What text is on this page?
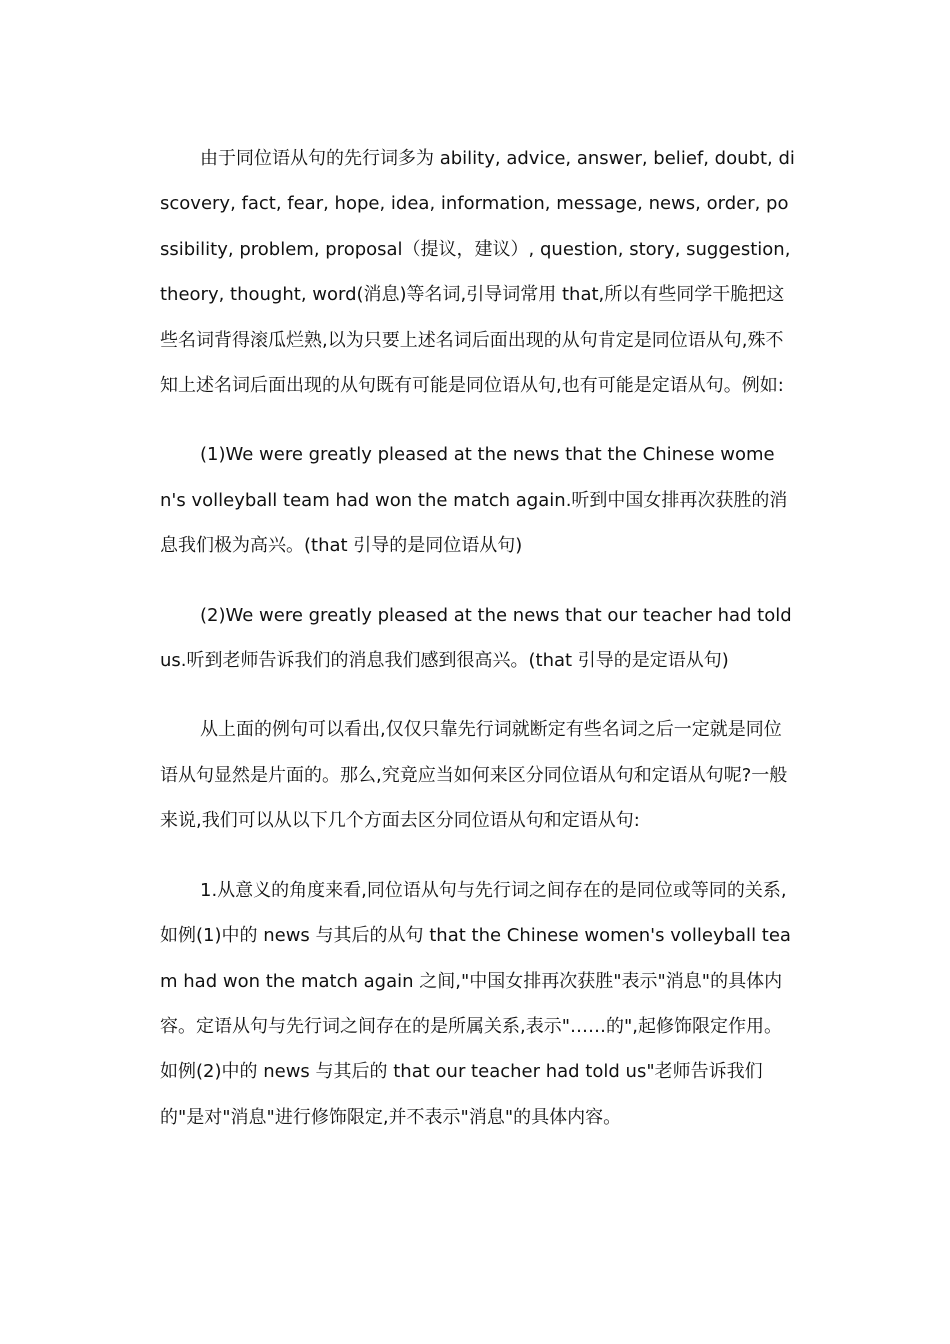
由于同位语从句的先行词多为 ability, advice, answer, belief, doubt, discovery, fact, fear, hope, idea, information, message, news, order, possibility, problem, proposal（提议，建议）, question, story, suggestion, theory, thought, word(消息)等名词,引导词常用 that,所以有些同学干脆把这些名词背得滚瓜烂熟,以为只要上述名词后面出现的从句肯定是同位语从句,殊不知上述名词后面出现的从句既有可能是同位语从句,也有可能是定语从句。例如:

(1)We were greatly pleased at the news that the Chinese women's volleyball team had won the match again.听到中国女排再次获胜的消息我们极为高兴。(that 引导的是同位语从句)

(2)We were greatly pleased at the news that our teacher had told us.听到老师告诉我们的消息我们感到很高兴。(that 引导的是定语从句)

从上面的例句可以看出,仅仅只靠先行词就断定有些名词之后一定就是同位语从句显然是片面的。那么,究竟应当如何来区分同位语从句和定语从句呢?一般来说,我们可以从以下几个方面去区分同位语从句和定语从句:

1.从意义的角度来看,同位语从句与先行词之间存在的是同位或等同的关系,如例(1)中的 news 与其后的从句 that the Chinese women's volleyball team had won the match again 之间,"中国女排再次获胜"表示"消息"的具体内容。定语从句与先行词之间存在的是所属关系,表示"……的",起修饰限定作用。如例(2)中的 news 与其后的 that our teacher had told us"老师告诉我们的"是对"消息"进行修饰限定,并不表示"消息"的具体内容。
